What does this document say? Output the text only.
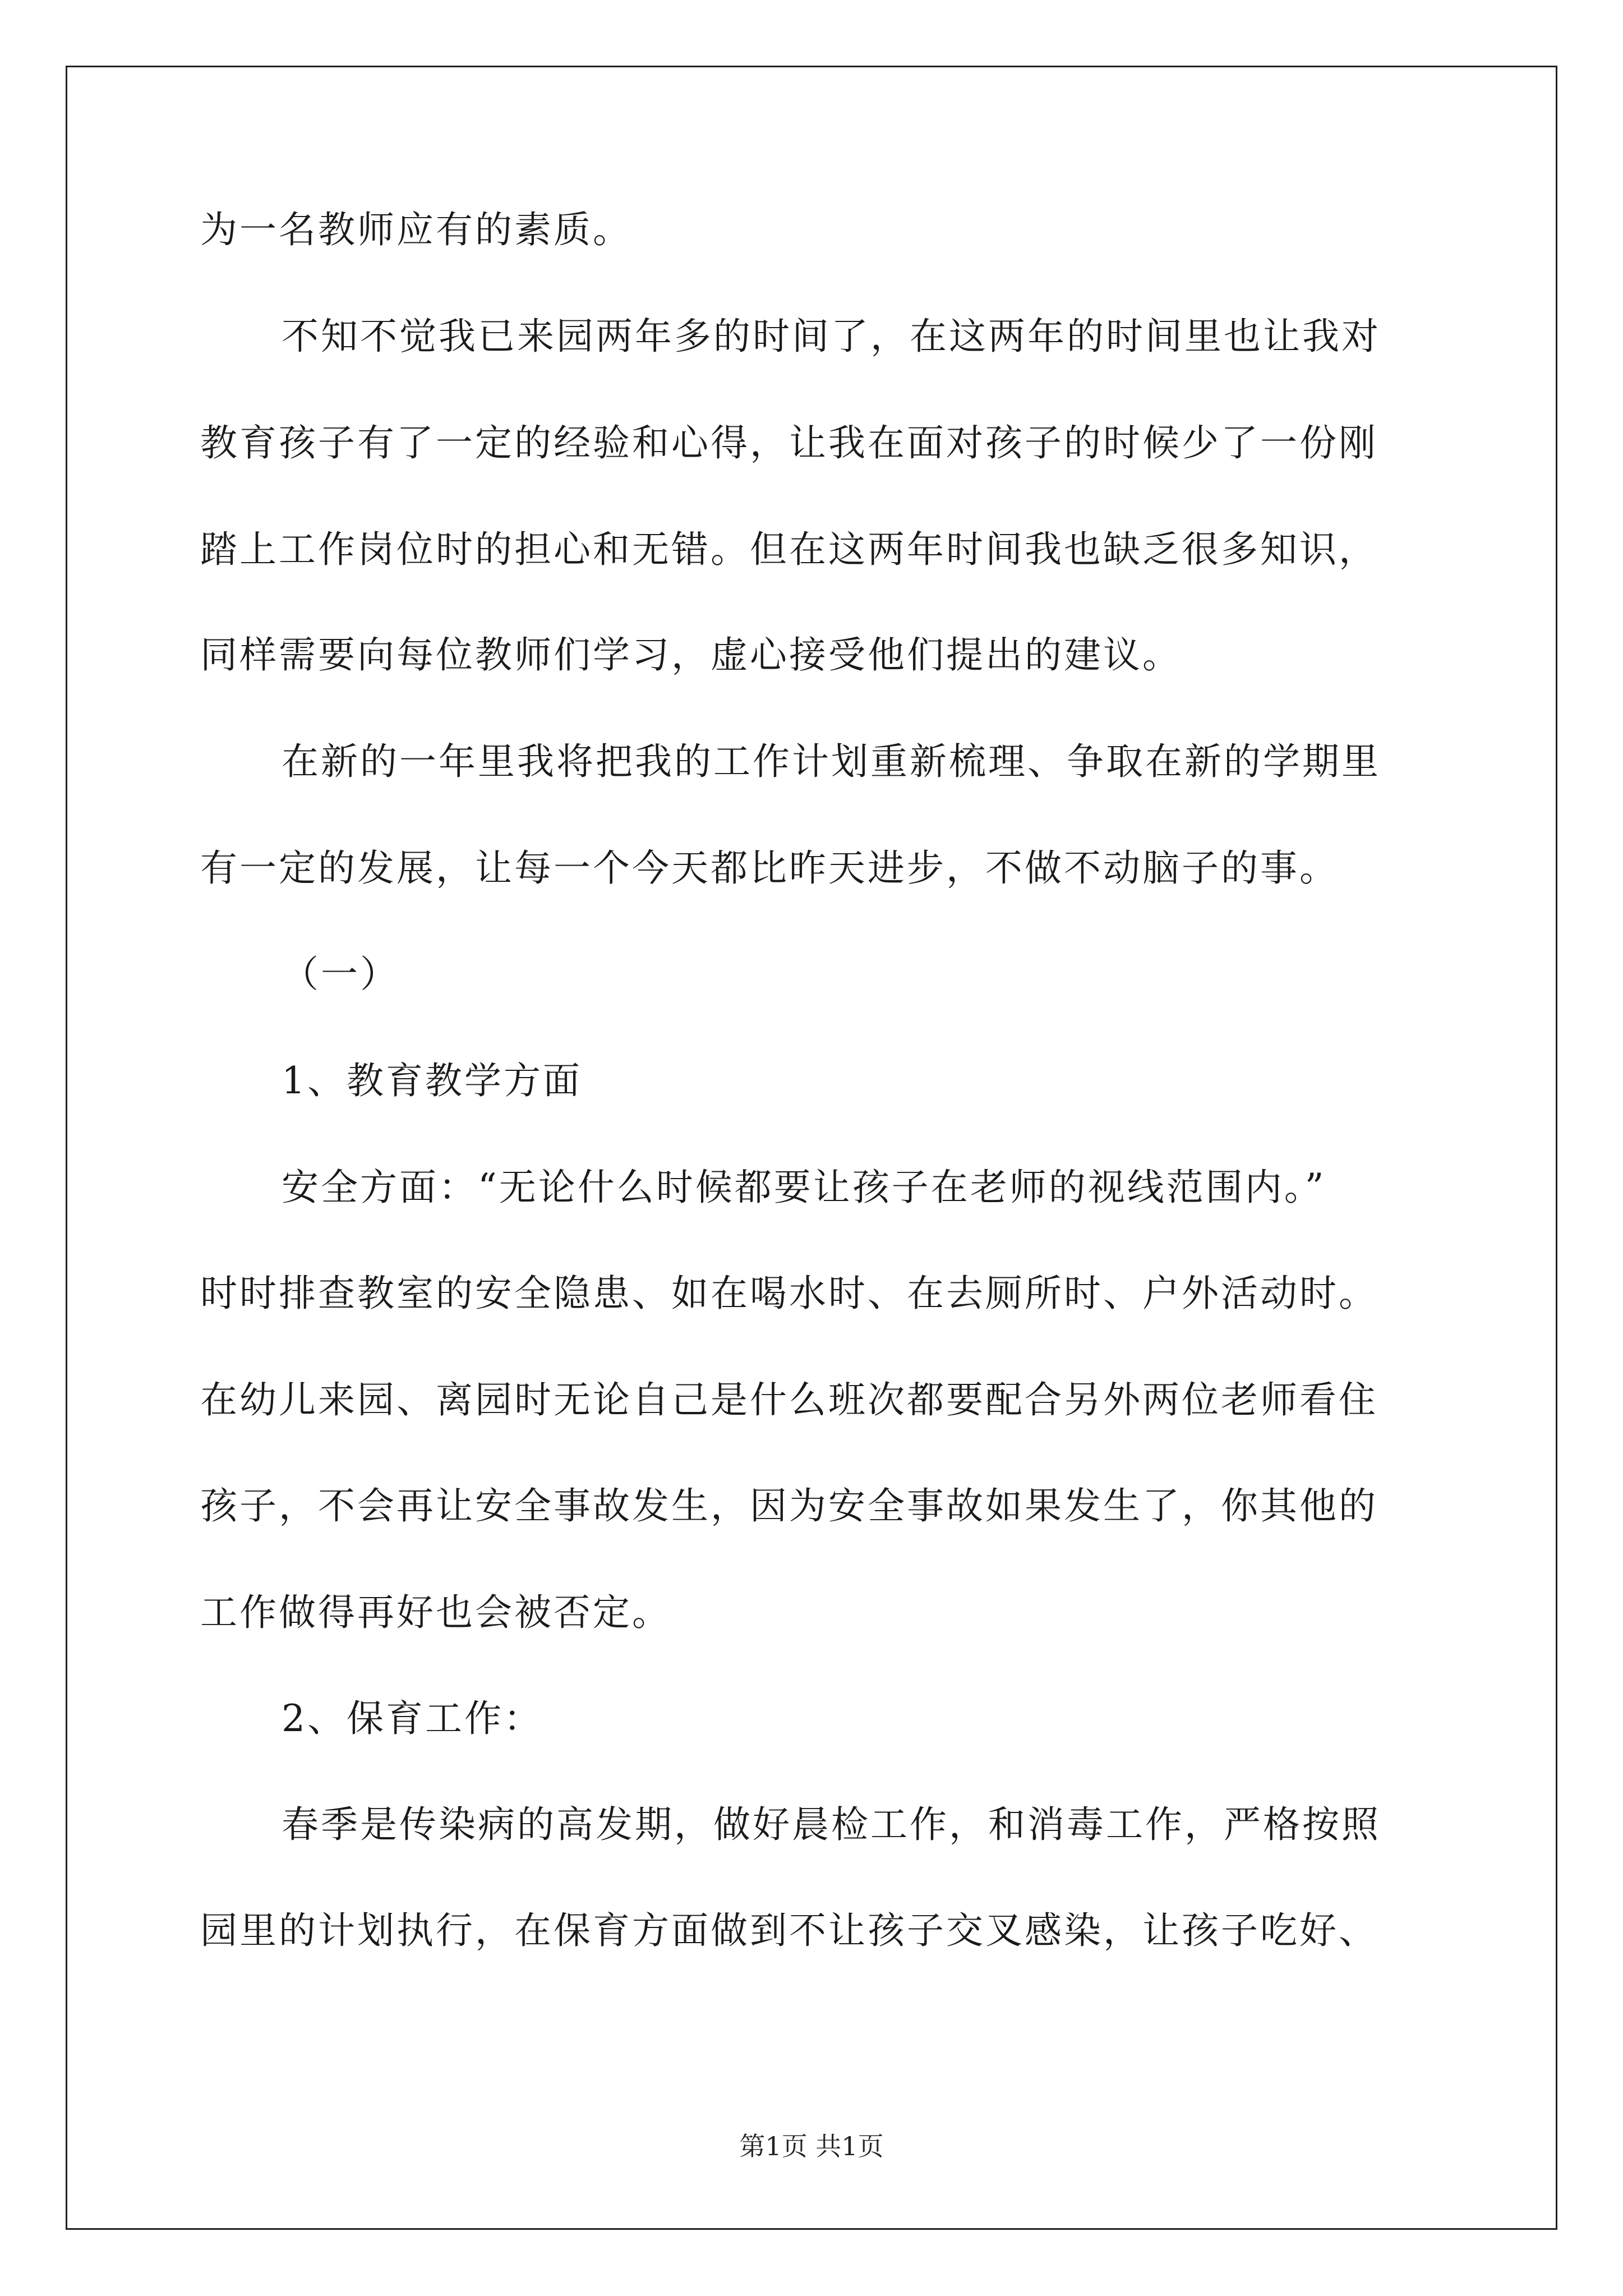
为一名教师应有的素质。
不知不觉我已来园两年多的时间了，在这两年的时间里也让我对
教育孩子有了一定的经验和心得，让我在面对孩子的时候少了一份刚
踏上工作岗位时的担心和无错。但在这两年时间我也缺乏很多知识，
同样需要向每位教师们学习，虚心接受他们提出的建议。
在新的一年里我将把我的工作计划重新梳理、争取在新的学期里
有一定的发展，让每一个今天都比昨天进步，不做不动脑子的事。
（一）
1、教育教学方面
安全方面：“无论什么时候都要让孩子在老师的视线范围内。”
时时排查教室的安全隐患、如在喝水时、在去厕所时、户外活动时。
在幼儿来园、离园时无论自己是什么班次都要配合另外两位老师看住
孩子，不会再让安全事故发生，因为安全事故如果发生了，你其他的
工作做得再好也会被否定。
2、保育工作：
春季是传染病的高发期，做好晨检工作，和消毒工作，严格按照
园里的计划执行，在保育方面做到不让孩子交叉感染，让孩子吃好、
第1页 共1页
